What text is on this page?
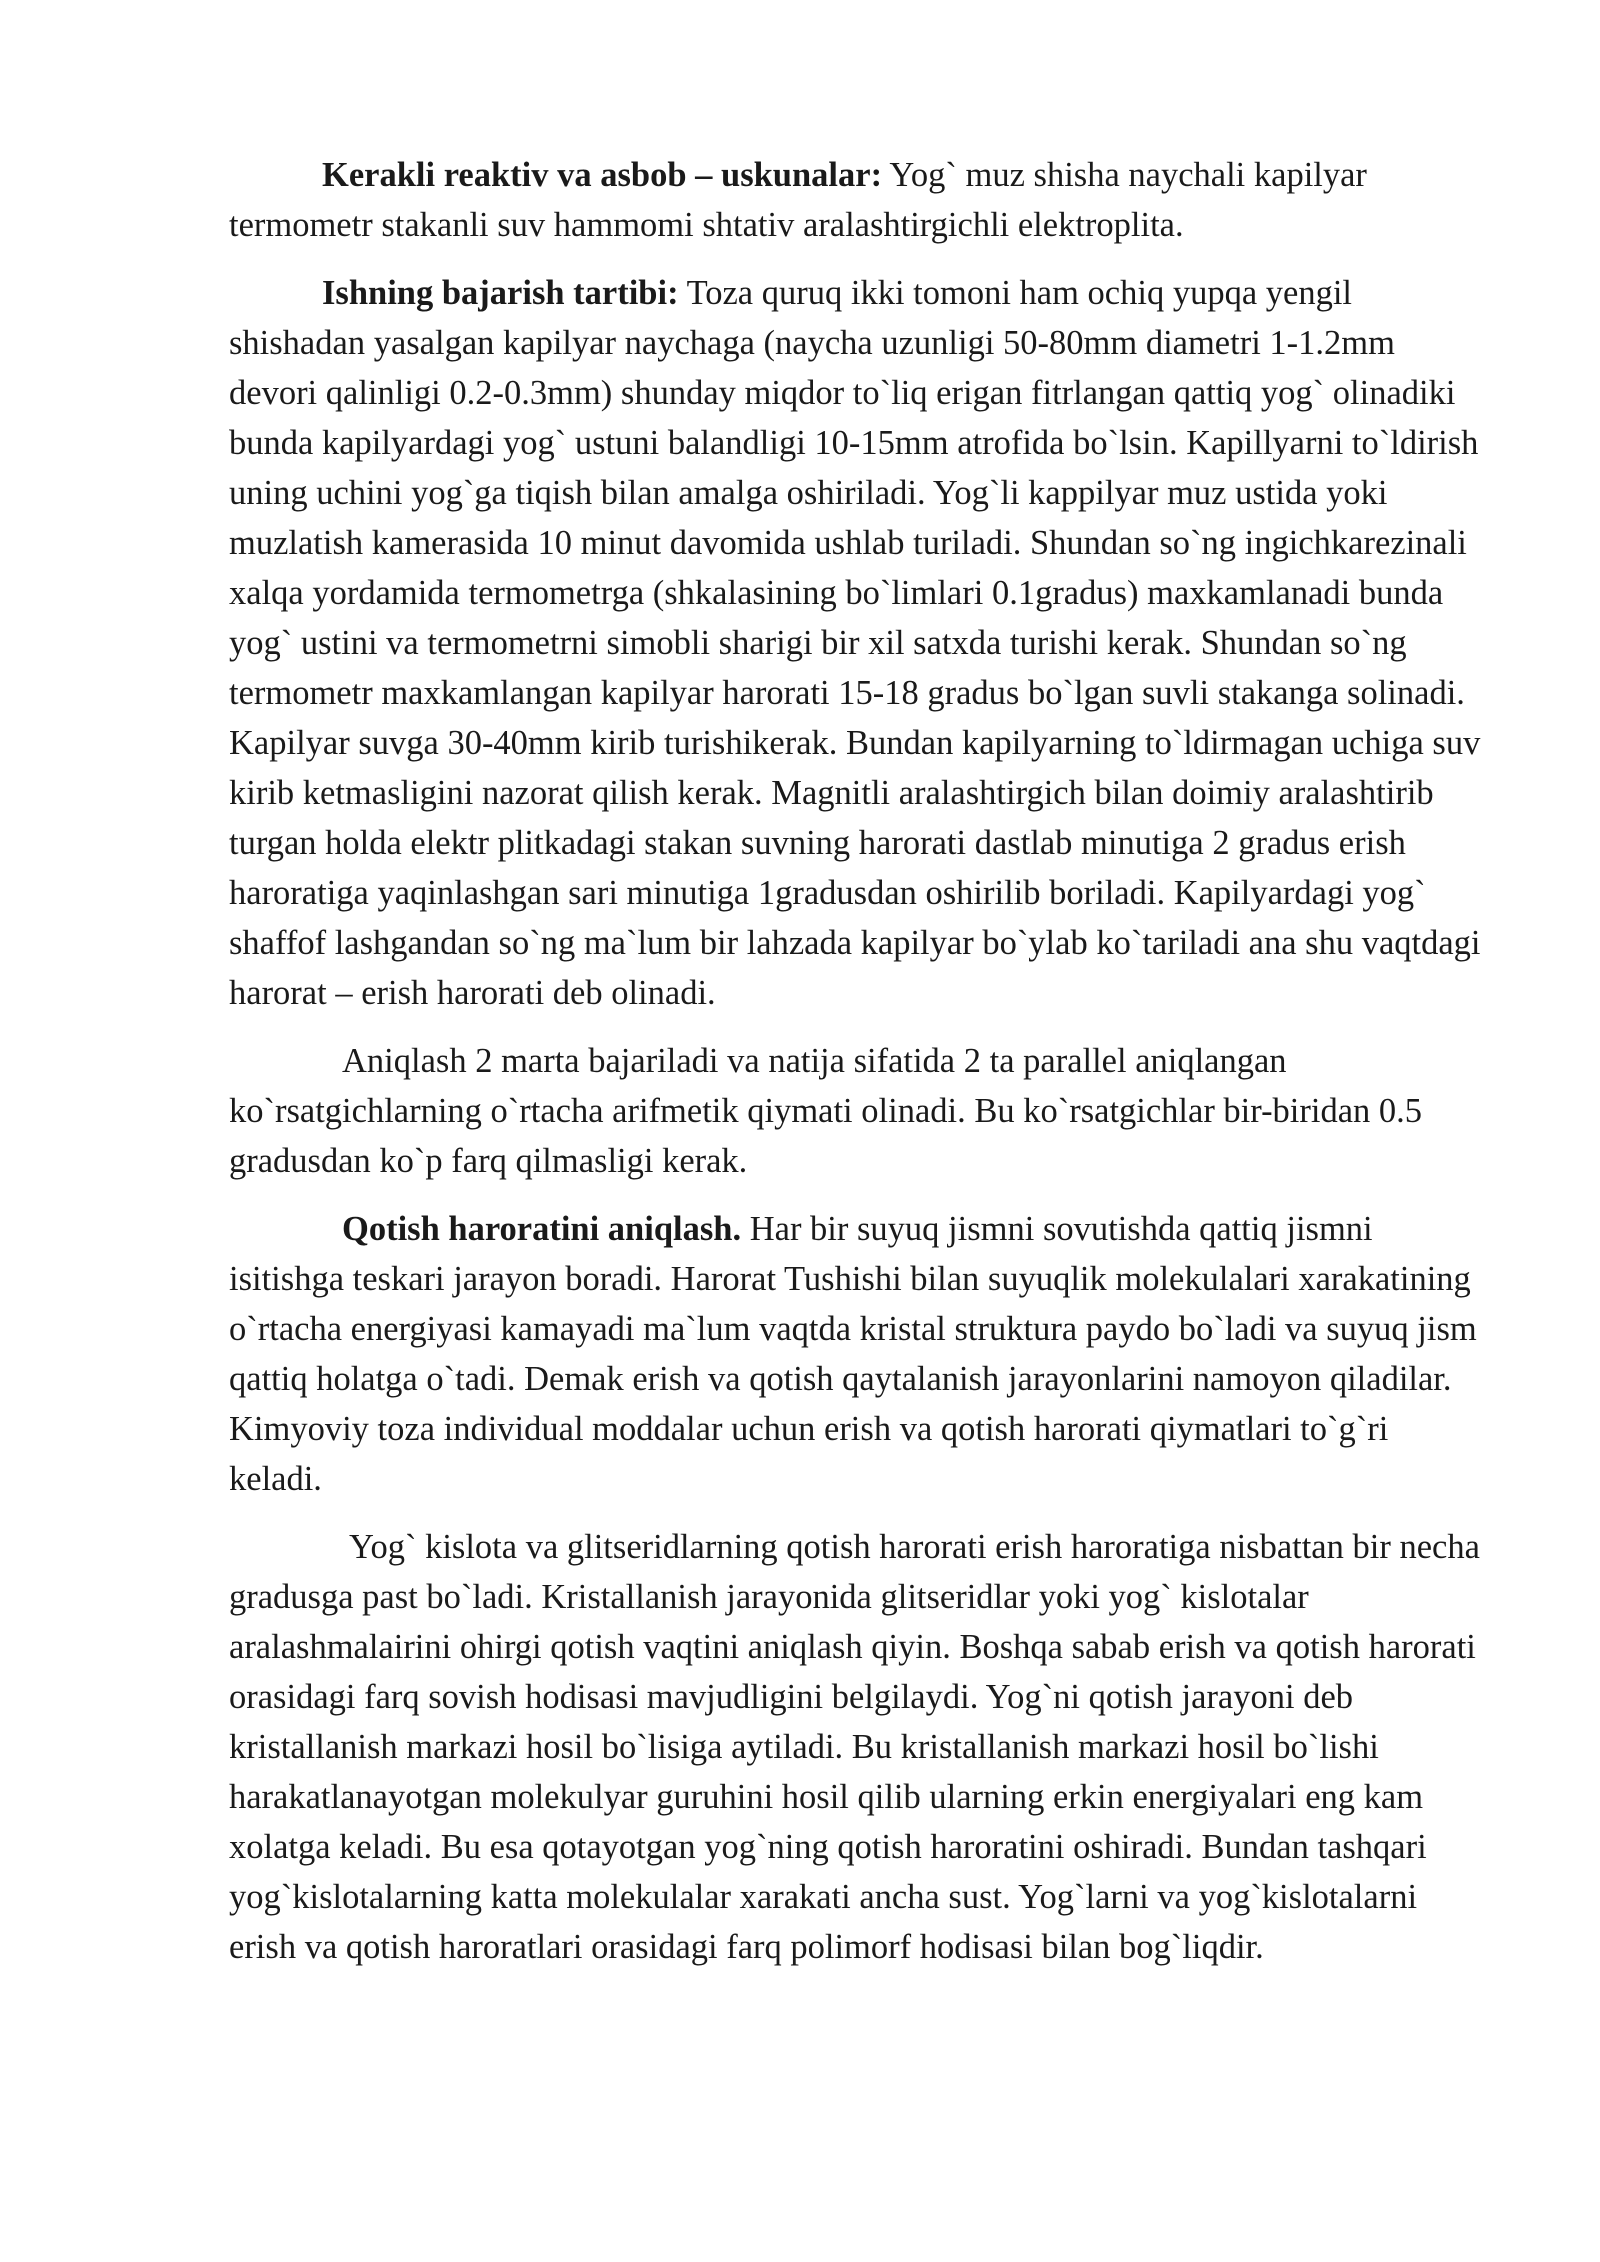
Kerakli reaktiv va asbob – uskunalar: Yog` muz shisha naychali kapilyar termometr stakanli suv hammomi shtativ aralashtirgichli elektroplita.

Ishning bajarish tartibi: Toza quruq ikki tomoni ham ochiq yupqa yengil shishadan yasalgan kapilyar naychaga (naycha uzunligi 50-80mm diametri 1-1.2mm devori qalinligi 0.2-0.3mm) shunday miqdor to`liq erigan fitrlangan qattiq yog` olinadiki bunda kapilyardagi yog` ustuni balandligi 10-15mm atrofida bo`lsin. Kapillyarni to`ldirish uning uchini yog`ga tiqish bilan amalga oshiriladi. Yog`li kappilyar muz ustida yoki muzlatish kamerasida 10 minut davomida ushlab turiladi. Shundan so`ng ingichkarezinali xalqa yordamida termometrga (shkalasining bo`limlari 0.1gradus) maxkamlanadi bunda yog` ustini va termometrni simobli sharigi bir xil satxda turishi kerak. Shundan so`ng termometr maxkamlangan kapilyar harorati 15-18 gradus bo`lgan suvli stakanga solinadi. Kapilyar suvga 30-40mm kirib turishikerak. Bundan kapilyarning to`ldirmagan uchiga suv kirib ketmasligini nazorat qilish kerak. Magnitli aralashtirgich bilan doimiy aralashtirib turgan holda elektr plitkadagi stakan suvning harorati dastlab minutiga 2 gradus erish haroratiga yaqinlashgan sari minutiga 1gradusdan oshirilib boriladi. Kapilyardagi yog` shaffof lashgandan so`ng ma`lum bir lahzada kapilyar bo`ylab ko`tariladi ana shu vaqtdagi harorat – erish harorati deb olinadi.

Aniqlash 2 marta bajariladi va natija sifatida 2 ta parallel aniqlangan ko`rsatgichlarning o`rtacha arifmetik qiymati olinadi. Bu ko`rsatgichlar bir-biridan 0.5 gradusdan ko`p farq qilmasligi kerak.

Qotish haroratini aniqlash. Har bir suyuq jismni sovutishda qattiq jismni isitishga teskari jarayon boradi. Harorat Tushishi bilan suyuqlik molekulalari xarakatining o`rtacha energiyasi kamayadi ma`lum vaqtda kristal struktura paydo bo`ladi va suyuq jism qattiq holatga o`tadi. Demak erish va qotish qaytalanish jarayonlarini namoyon qiladilar. Kimyoviy toza individual moddalar uchun erish va qotish harorati qiymatlari to`g`ri keladi.

Yog` kislota va glitseridlarning qotish harorati erish haroratiga nisbattan bir necha gradusga past bo`ladi. Kristallanish jarayonida glitseridlar yoki yog` kislotalar aralashmalairini ohirgi qotish vaqtini aniqlash qiyin. Boshqa sabab erish va qotish harorati orasidagi farq sovish hodisasi mavjudligini belgilaydi. Yog`ni qotish jarayoni deb kristallanish markazi hosil bo`lisiga aytiladi. Bu kristallanish markazi hosil bo`lishi harakatlanayotgan molekulyar guruhini hosil qilib ularning erkin energiyalari eng kam xolatga keladi. Bu esa qotayotgan yog`ning qotish haroratini oshiradi. Bundan tashqari yog`kislotalarning katta molekulalar xarakati ancha sust. Yog`larni va yog`kislotalarni erish va qotish haroratlari orasidagi farq polimorf hodisasi bilan bog`liqdir.
